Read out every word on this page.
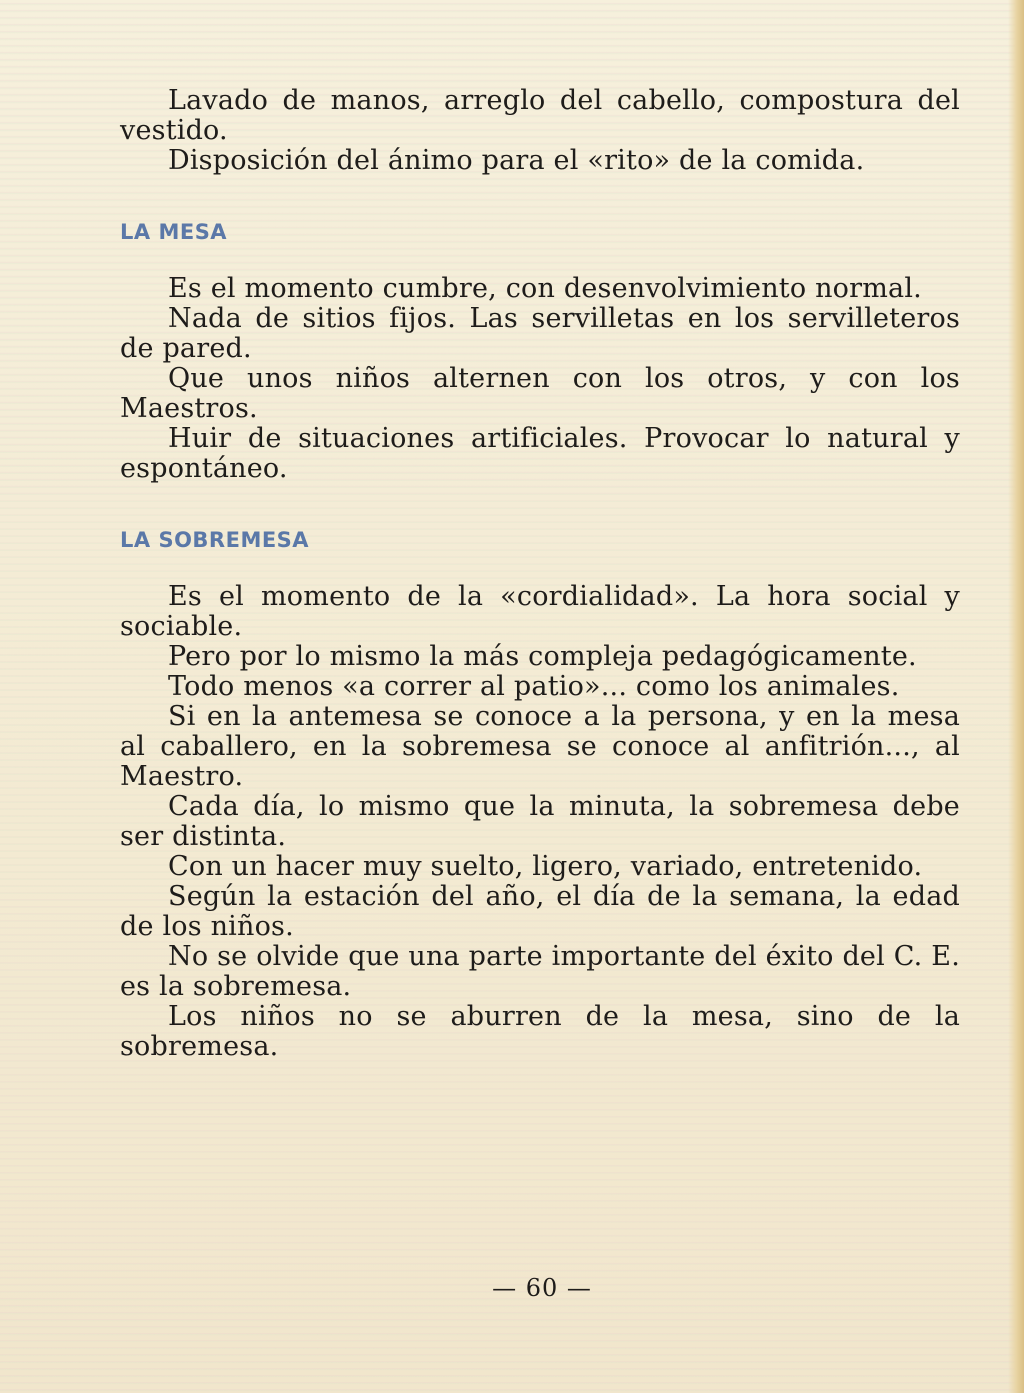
Lavado de manos, arreglo del cabello, compostura del vestido.

Disposición del ánimo para el «rito» de la comida.

LA MESA

Es el momento cumbre, con desenvolvimiento normal.

Nada de sitios fijos. Las servilletas en los servilleteros de pared.

Que unos niños alternen con los otros, y con los Maestros.

Huir de situaciones artificiales. Provocar lo natural y espontáneo.

LA SOBREMESA

Es el momento de la «cordialidad». La hora social y sociable.

Pero por lo mismo la más compleja pedagógicamente.

Todo menos «a correr al patio»... como los animales.

Si en la antemesa se conoce a la persona, y en la mesa al caballero, en la sobremesa se conoce al anfitrión..., al Maestro.

Cada día, lo mismo que la minuta, la sobremesa debe ser distinta.

Con un hacer muy suelto, ligero, variado, entretenido.

Según la estación del año, el día de la semana, la edad de los niños.

No se olvide que una parte importante del éxito del C. E. es la sobremesa.

Los niños no se aburren de la mesa, sino de la sobremesa.

— 60 —
